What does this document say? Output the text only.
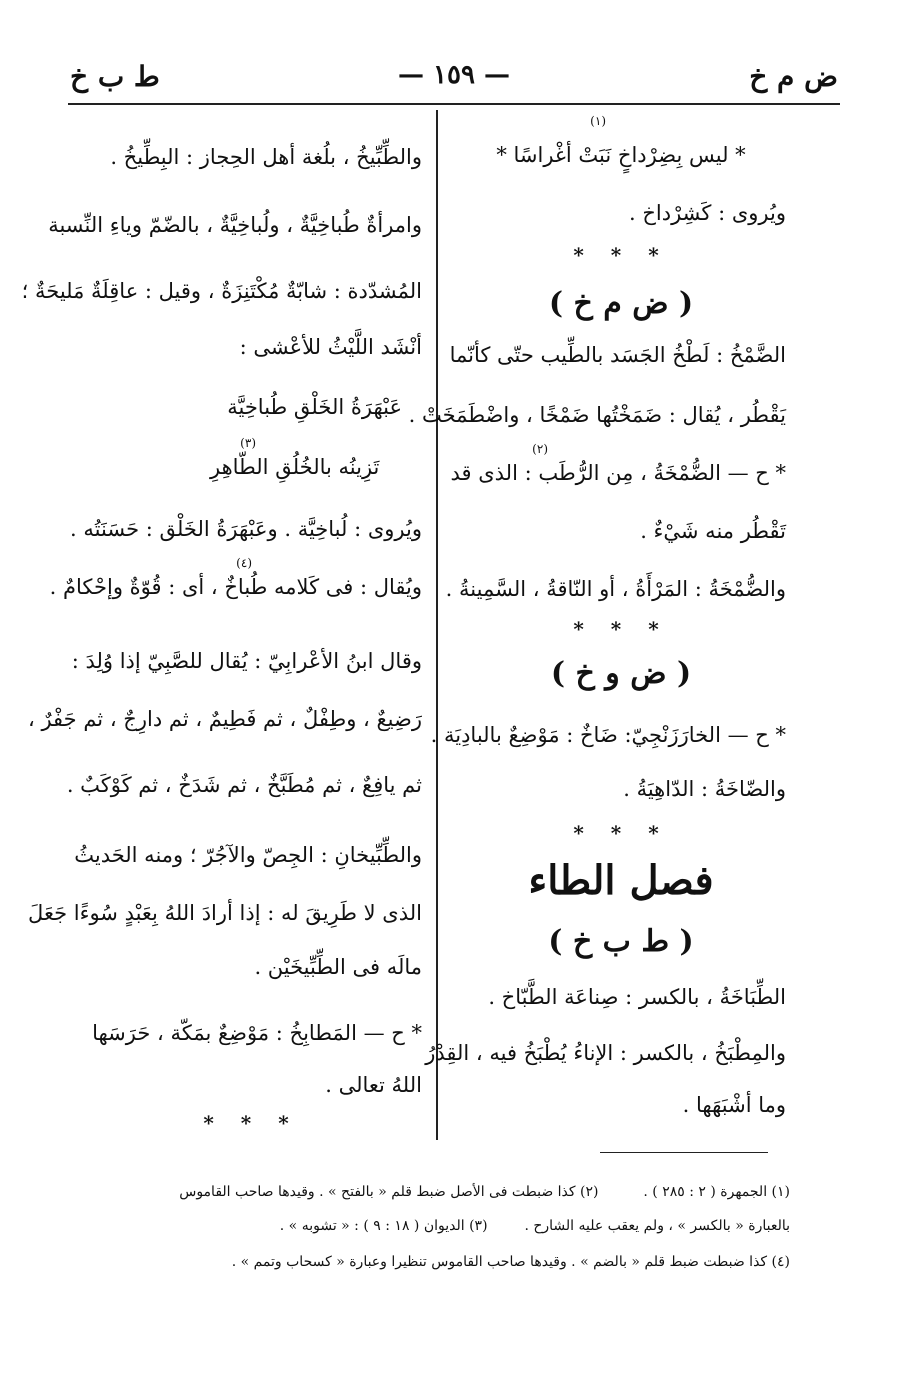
ض م خ
— ١٥٩ —
ط ب خ
(١)
* ليس بِضِرْداخٍ نَبَتْ أغْراسًا *
ويُروى : كَشِرْداخ .
* * *
( ض م خ )
الضَّمْخُ : لَطْخُ الجَسَد بالطِّيب حتّى كأنّما
يَقْطُر ، يُقال : ضَمَخْتُها ضَمْخًا ، واضْطَمَخَتْ .
(٢)
* ح — الضُّمْخَةُ ، مِن الرُّطَب : الذى قد
تَقْطُر منه شَيْءٌ .
والضُّمْخَةُ : المَرْأَةُ ، أو النّاقةُ ، السَّمِينةُ .
* * *
( ض و خ )
* ح — الخارَزَنْجِيّ: ضَاخٌ : مَوْضِعٌ بالبادِيَة .
والضّاخَةُ : الدّاهِيَةُ .
* * *
فصل الطاء
( ط ب خ )
الطِّبَاخَةُ ، بالكسر : صِناعَة الطَّبّاخ .
والمِطْبَخُ ، بالكسر : الإناءُ يُطْبَخُ فيه ، القِدْرُ
وما أشْبَهَها .
والطِّبِّيخُ ، بلُغة أهل الحِجاز : البِطِّيخُ .
وامرأةٌ طُباخِيَّةٌ ، ولُباخِيَّةٌ ، بالضّمّ وياءِ النِّسبة
المُشدّدة : شابّةٌ مُكْتَنِزَةٌ ، وقيل : عاقِلَةٌ مَليحَةٌ ؛
أنْشَد اللَّيْثُ للأعْشى :
عَبْهَرَةُ الخَلْقِ طُباخِيَّة
(٣)
تَزِينُه بالخُلُقِ الطّاهِرِ
ويُروى : لُباخِيَّة . وعَبْهَرَةُ الخَلْق : حَسَنَتُه .
(٤)
ويُقال : فى كَلامه طُباخٌ ، أى : قُوّةٌ وإحْكامٌ .
وقال ابنُ الأعْرابِيّ : يُقال للصَّبِيّ إذا وُلِدَ :
رَضِيعٌ ، وطِفْلٌ ، ثم فَطِيمٌ ، ثم دارِجٌ ، ثم جَفْرٌ ،
ثم يافِعٌ ، ثم مُطَبَّخٌ ، ثم شَدَخٌ ، ثم كَوْكَبٌ .
والطِّبِّيخانِ : الجِصّ والآجُرّ ؛ ومنه الحَديثُ
الذى لا طَرِيقَ له : إذا أرادَ اللهُ بِعَبْدٍ سُوءًا جَعَلَ
مالَه فى الطِّبِّيخَيْن .
* ح — المَطابِخُ : مَوْضِعٌ بمَكّة ، حَرَسَها
اللهُ تعالى .
* * *
(١) الجمهرة ( ٢ : ٢٨٥ ) .  (٢) كذا ضبطت فى الأصل ضبط قلم « بالفتح » . وقيدها صاحب القاموس
بالعبارة « بالكسر » ، ولم يعقب عليه الشارح .  (٣) الديوان ( ١٨ : ٩ ) : « تشوبه » .
(٤) كذا ضبطت ضبط قلم « بالضم » . وقيدها صاحب القاموس تنظيرا وعبارة « كسحاب وتمم » .
